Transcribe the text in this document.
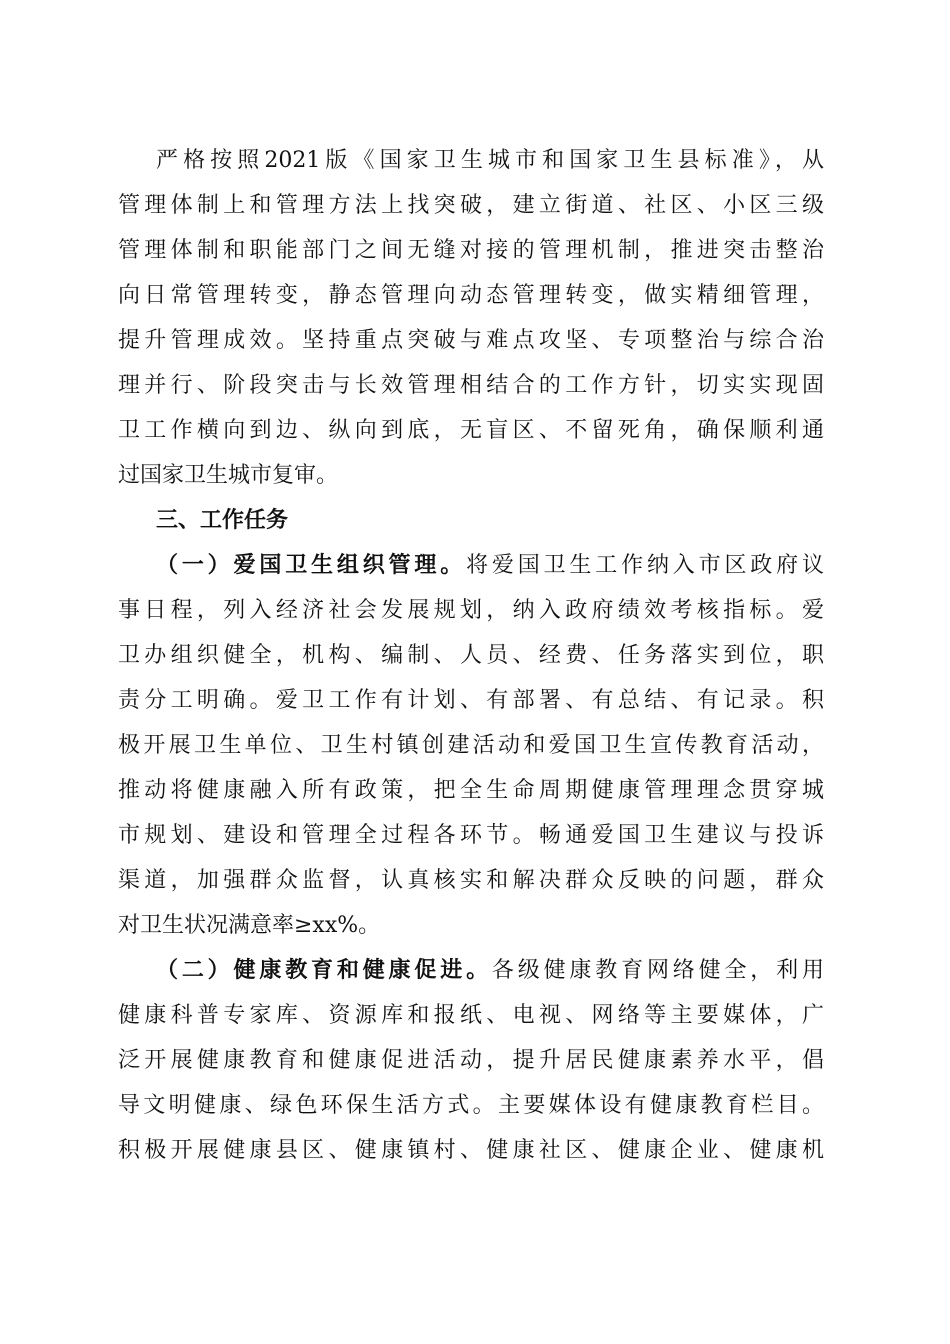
严格按照2021版《国家卫生城市和国家卫生县标准》，从
管理体制上和管理方法上找突破，建立街道、社区、小区三级
管理体制和职能部门之间无缝对接的管理机制，推进突击整治
向日常管理转变，静态管理向动态管理转变，做实精细管理，
提升管理成效。坚持重点突破与难点攻坚、专项整治与综合治
理并行、阶段突击与长效管理相结合的工作方针，切实实现固
卫工作横向到边、纵向到底，无盲区、不留死角，确保顺利通
过国家卫生城市复审。
三、工作任务
（一）爱国卫生组织管理。将爱国卫生工作纳入市区政府议
事日程，列入经济社会发展规划，纳入政府绩效考核指标。爱
卫办组织健全，机构、编制、人员、经费、任务落实到位，职
责分工明确。爱卫工作有计划、有部署、有总结、有记录。积
极开展卫生单位、卫生村镇创建活动和爱国卫生宣传教育活动，
推动将健康融入所有政策，把全生命周期健康管理理念贯穿城
市规划、建设和管理全过程各环节。畅通爱国卫生建议与投诉
渠道，加强群众监督，认真核实和解决群众反映的问题，群众
对卫生状况满意率≥xx%。
（二）健康教育和健康促进。各级健康教育网络健全，利用
健康科普专家库、资源库和报纸、电视、网络等主要媒体，广
泛开展健康教育和健康促进活动，提升居民健康素养水平，倡
导文明健康、绿色环保生活方式。主要媒体设有健康教育栏目。
积极开展健康县区、健康镇村、健康社区、健康企业、健康机
